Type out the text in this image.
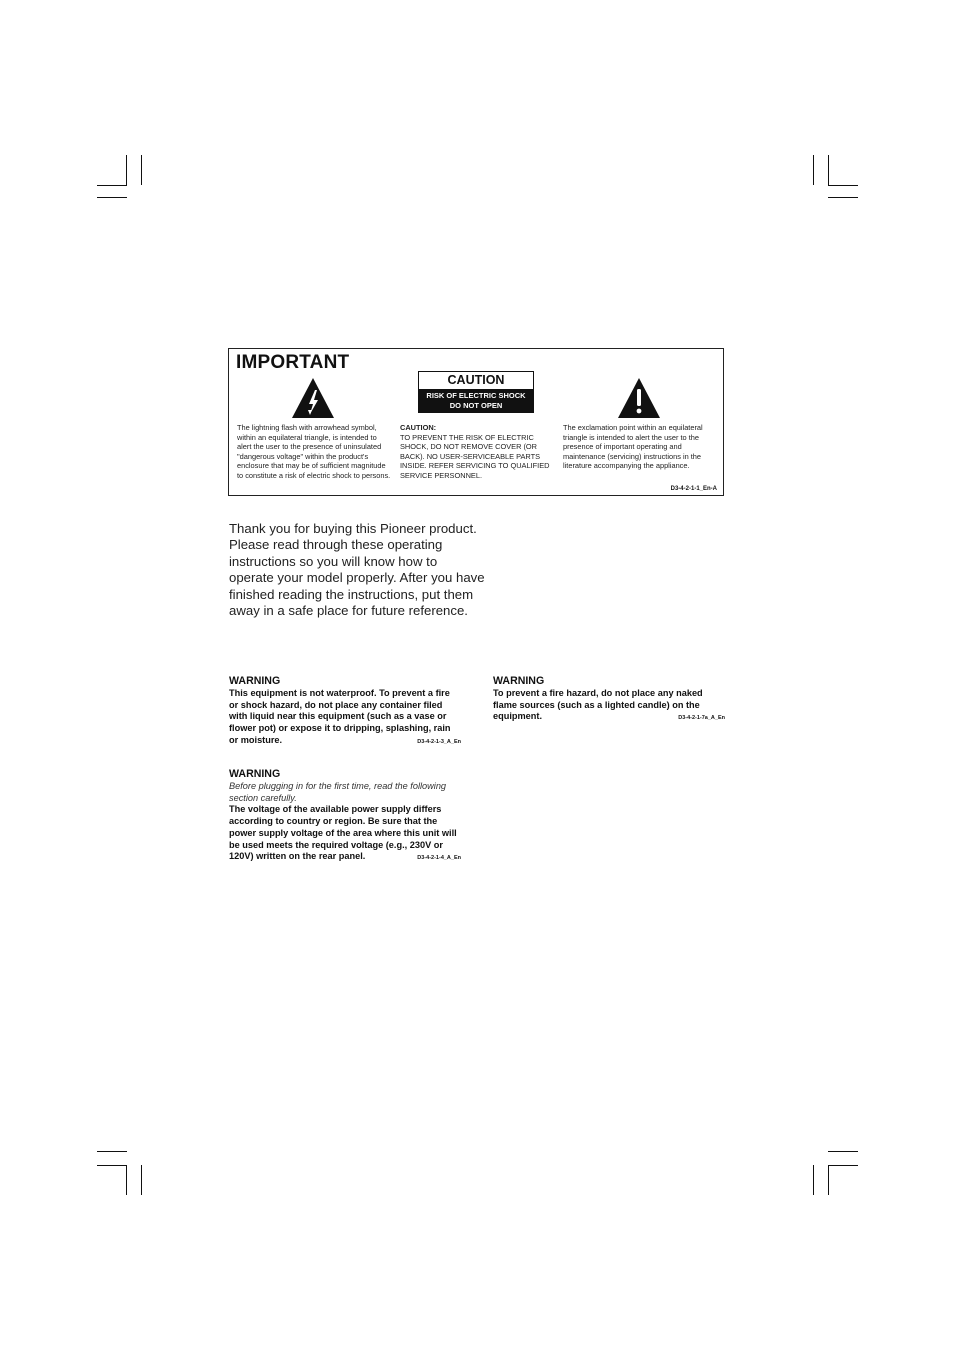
IMPORTANT
CAUTION
RISK OF ELECTRIC SHOCK
DO NOT OPEN
The lightning flash with arrowhead symbol, within an equilateral triangle, is intended to alert the user to the presence of uninsulated "dangerous voltage" within the product's enclosure that may be of sufficient magnitude to constitute a risk of electric shock to persons.
CAUTION:
TO PREVENT THE RISK OF ELECTRIC SHOCK, DO NOT REMOVE COVER (OR BACK). NO USER-SERVICEABLE PARTS INSIDE. REFER SERVICING TO QUALIFIED SERVICE PERSONNEL.
The exclamation point within an equilateral triangle is intended to alert the user to the presence of important operating and maintenance (servicing) instructions in the literature accompanying the appliance.
D3-4-2-1-1_En-A
Thank you for buying this Pioneer product.
Please read through these operating instructions so you will know how to operate your model properly. After you have finished reading the instructions, put them away in a safe place for future reference.
WARNING
This equipment is not waterproof. To prevent a fire or shock hazard, do not place any container filed with liquid near this equipment (such as a vase or flower pot) or expose it to dripping, splashing, rain or moisture.	D3-4-2-1-3_A_En
WARNING
To prevent a fire hazard, do not place any naked flame sources (such as a lighted candle) on the equipment.	D3-4-2-1-7a_A_En
WARNING
Before plugging in for the first time, read the following section carefully.
The voltage of the available power supply differs according to country or region. Be sure that the power supply voltage of the area where this unit will be used meets the required voltage (e.g., 230V or 120V) written on the rear panel.	D3-4-2-1-4_A_En
